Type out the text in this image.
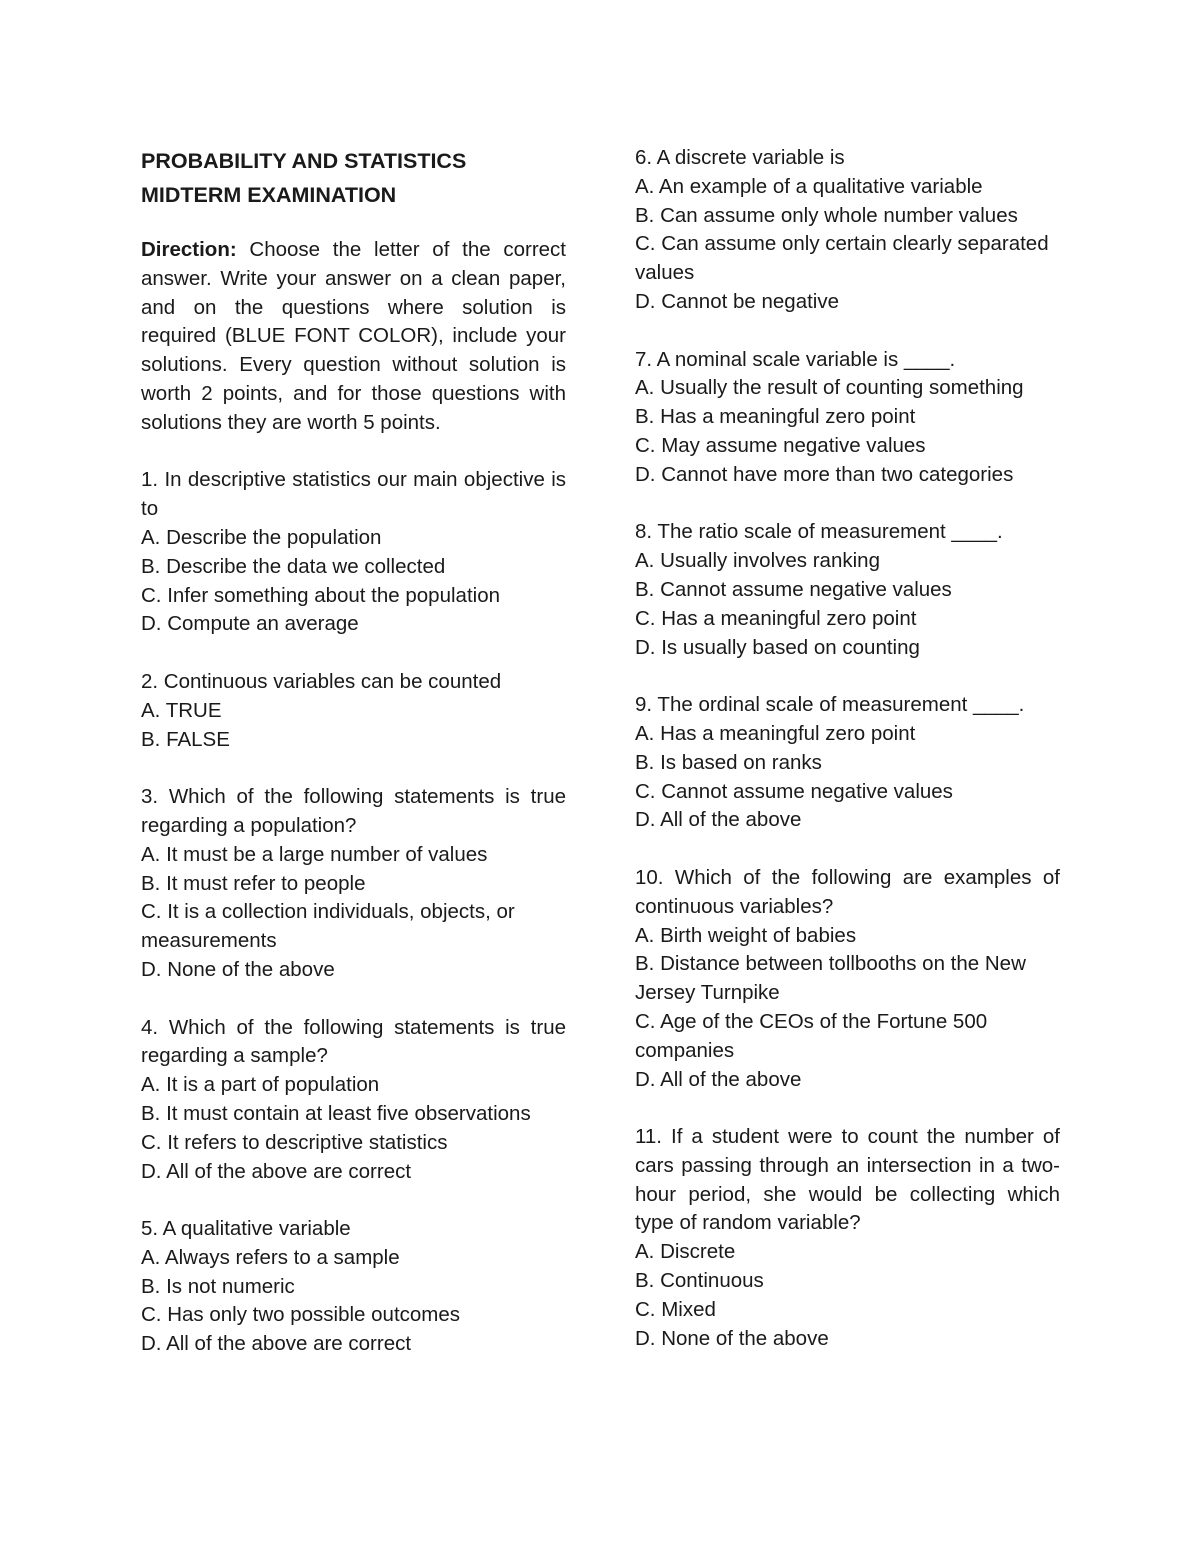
PROBABILITY AND STATISTICS
MIDTERM EXAMINATION

Direction: Choose the letter of the correct answer. Write your answer on a clean paper, and on the questions where solution is required (BLUE FONT COLOR), include your solutions. Every question without solution is worth 2 points, and for those questions with solutions they are worth 5 points.

1. In descriptive statistics our main objective is to
A. Describe the population
B. Describe the data we collected
C. Infer something about the population
D. Compute an average
2. Continuous variables can be counted
A. TRUE
B. FALSE
3. Which of the following statements is true regarding a population?
A. It must be a large number of values
B. It must refer to people
C. It is a collection individuals, objects, or measurements
D. None of the above
4. Which of the following statements is true regarding a sample?
A. It is a part of population
B. It must contain at least five observations
C. It refers to descriptive statistics
D. All of the above are correct
5. A qualitative variable
A. Always refers to a sample
B. Is not numeric
C. Has only two possible outcomes
D. All of the above are correct
6. A discrete variable is
A. An example of a qualitative variable
B. Can assume only whole number values
C. Can assume only certain clearly separated values
D. Cannot be negative
7. A nominal scale variable is ____.
A. Usually the result of counting something
B. Has a meaningful zero point
C. May assume negative values
D. Cannot have more than two categories
8. The ratio scale of measurement ____.
A. Usually involves ranking
B. Cannot assume negative values
C. Has a meaningful zero point
D. Is usually based on counting
9. The ordinal scale of measurement ____.
A. Has a meaningful zero point
B. Is based on ranks
C. Cannot assume negative values
D. All of the above
10. Which of the following are examples of continuous variables?
A. Birth weight of babies
B. Distance between tollbooths on the New Jersey Turnpike
C. Age of the CEOs of the Fortune 500 companies
D. All of the above
11. If a student were to count the number of cars passing through an intersection in a two-hour period, she would be collecting which type of random variable?
A. Discrete
B. Continuous
C. Mixed
D. None of the above
